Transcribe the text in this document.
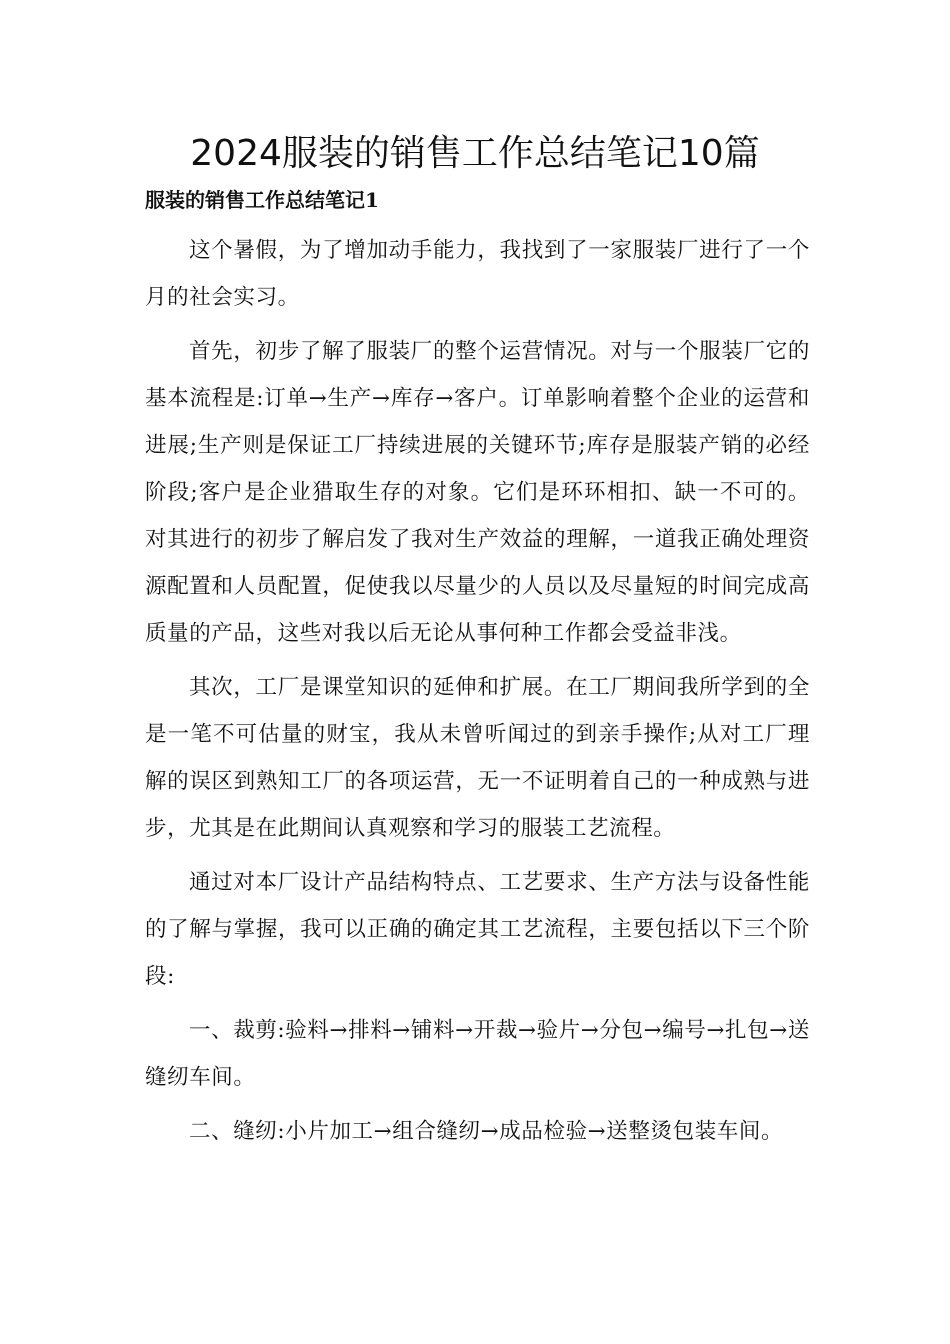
2024服装的销售工作总结笔记10篇
服装的销售工作总结笔记1

这个暑假，为了增加动手能力，我找到了一家服装厂进行了一个月的社会实习。

首先，初步了解了服装厂的整个运营情况。对与一个服装厂它的基本流程是:订单→生产→库存→客户。订单影响着整个企业的运营和进展;生产则是保证工厂持续进展的关键环节;库存是服装产销的必经阶段;客户是企业猎取生存的对象。它们是环环相扣、缺一不可的。对其进行的初步了解启发了我对生产效益的理解，一道我正确处理资源配置和人员配置，促使我以尽量少的人员以及尽量短的时间完成高质量的产品，这些对我以后无论从事何种工作都会受益非浅。

其次，工厂是课堂知识的延伸和扩展。在工厂期间我所学到的全是一笔不可估量的财宝，我从未曾听闻过的到亲手操作;从对工厂理解的误区到熟知工厂的各项运营，无一不证明着自己的一种成熟与进步，尤其是在此期间认真观察和学习的服装工艺流程。

通过对本厂设计产品结构特点、工艺要求、生产方法与设备性能的了解与掌握，我可以正确的确定其工艺流程，主要包括以下三个阶段:

一、裁剪:验料→排料→铺料→开裁→验片→分包→编号→扎包→送缝纫车间。

二、缝纫:小片加工→组合缝纫→成品检验→送整烫包装车间。
